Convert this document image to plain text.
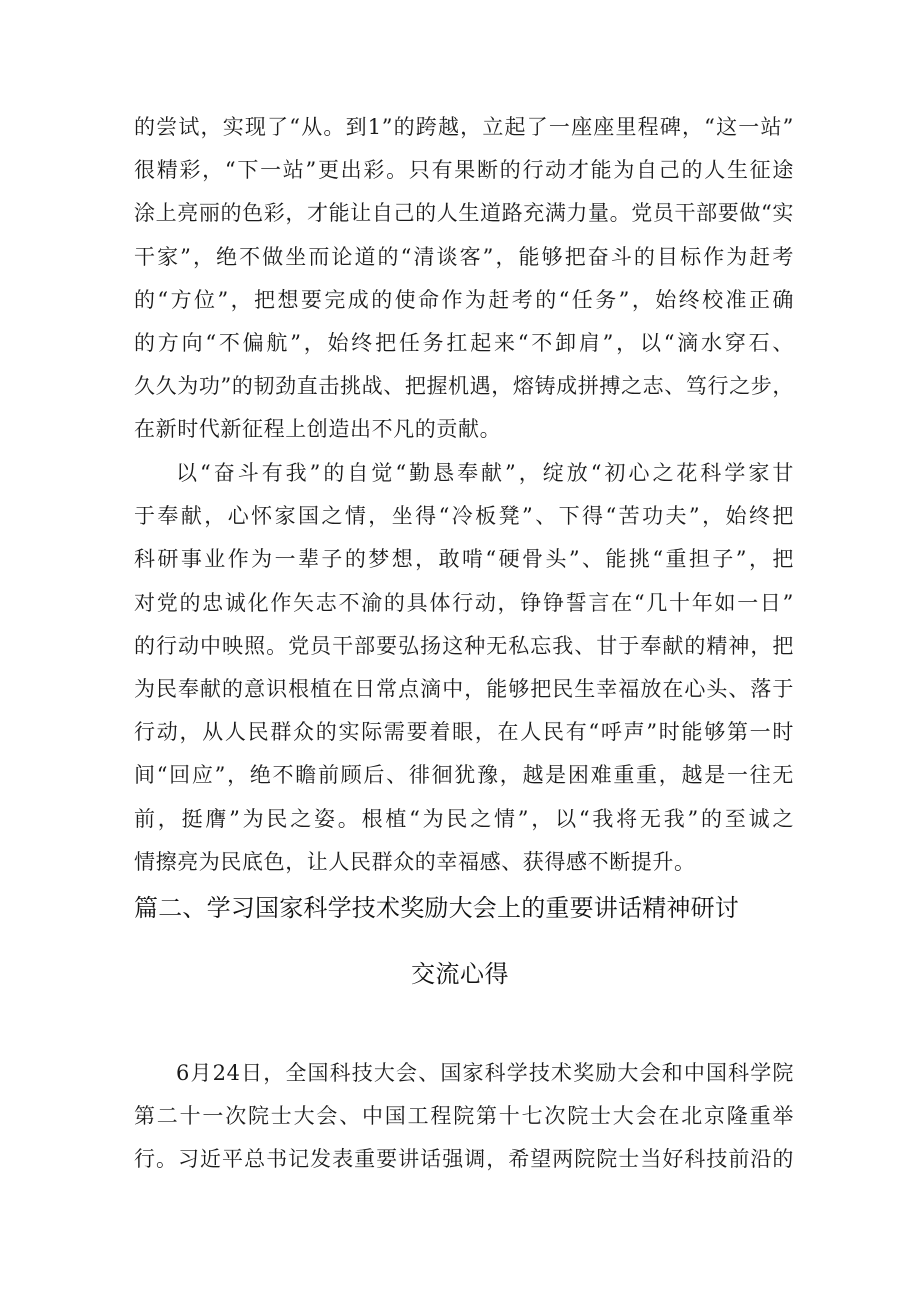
的尝试，实现了“从。到1”的跨越，立起了一座座里程碑，“这一站”
很精彩，“下一站”更出彩。只有果断的行动才能为自己的人生征途
涂上亮丽的色彩，才能让自己的人生道路充满力量。党员干部要做“实
干家”，绝不做坐而论道的“清谈客”，能够把奋斗的目标作为赶考
的“方位”，把想要完成的使命作为赶考的“任务”，始终校准正确
的方向“不偏航”，始终把任务扛起来“不卸肩”，以“滴水穿石、
久久为功”的韧劲直击挑战、把握机遇，熔铸成拼搏之志、笃行之步，
在新时代新征程上创造出不凡的贡献。

以“奋斗有我”的自觉“勤恳奉献”，绽放“初心之花科学家甘
于奉献，心怀家国之情，坐得“冷板凳”、下得“苦功夫”，始终把
科研事业作为一辈子的梦想，敢啃“硬骨头”、能挑“重担子”，把
对党的忠诚化作矢志不渝的具体行动，铮铮誓言在“几十年如一日”
的行动中映照。党员干部要弘扬这种无私忘我、甘于奉献的精神，把
为民奉献的意识根植在日常点滴中，能够把民生幸福放在心头、落于
行动，从人民群众的实际需要着眼，在人民有“呼声”时能够第一时
间“回应”，绝不瞻前顾后、徘徊犹豫，越是困难重重，越是一往无
前，挺膺”为民之姿。根植“为民之情”，以“我将无我”的至诚之
情擦亮为民底色，让人民群众的幸福感、获得感不断提升。

篇二、学习国家科学技术奖励大会上的重要讲话精神研讨
交流心得

6月24日，全国科技大会、国家科学技术奖励大会和中国科学院
第二十一次院士大会、中国工程院第十七次院士大会在北京隆重举
行。习近平总书记发表重要讲话强调，希望两院院士当好科技前沿的
